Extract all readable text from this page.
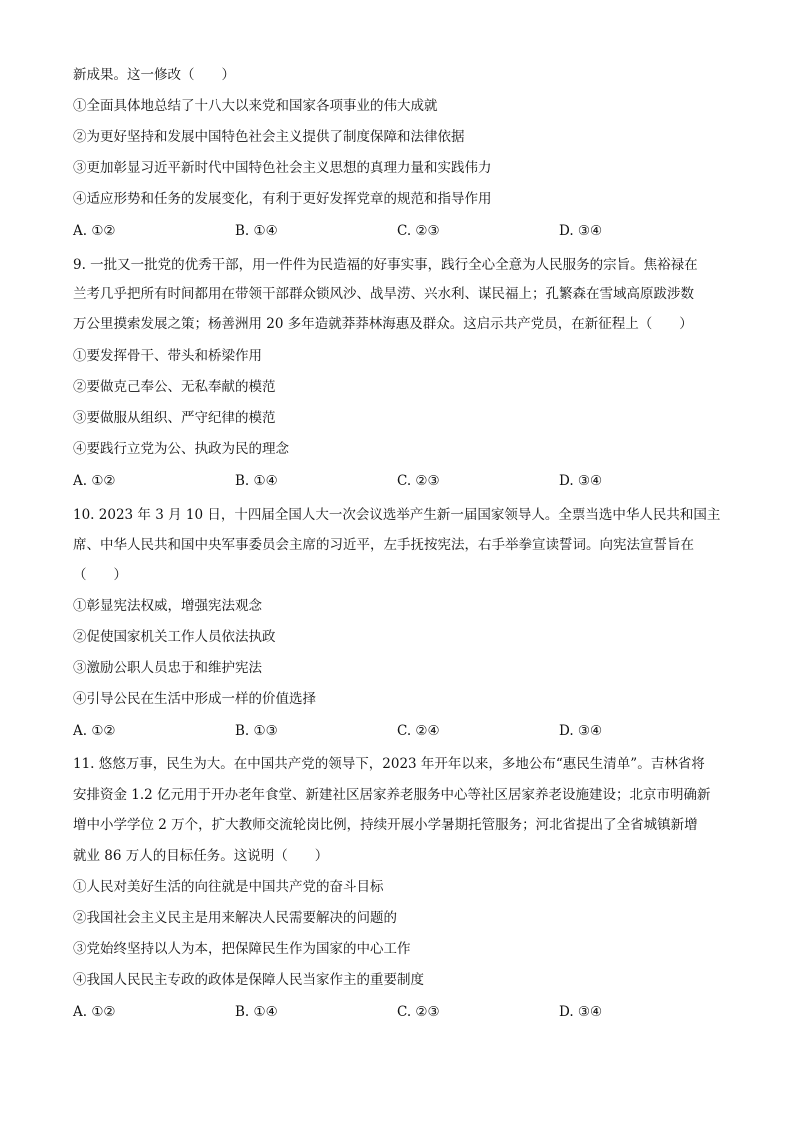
新成果。这一修改（　　）
①全面具体地总结了十八大以来党和国家各项事业的伟大成就
②为更好坚持和发展中国特色社会主义提供了制度保障和法律依据
③更加彰显习近平新时代中国特色社会主义思想的真理力量和实践伟力
④适应形势和任务的发展变化，有利于更好发挥党章的规范和指导作用
A. ①②	B. ①④	C. ②③	D. ③④
9. 一批又一批党的优秀干部，用一件件为民造福的好事实事，践行全心全意为人民服务的宗旨。焦裕禄在
兰考几乎把所有时间都用在带领干部群众锁风沙、战旱涝、兴水利、谋民福上；孔繁森在雪域高原跋涉数
万公里摸索发展之策；杨善洲用 20 多年造就莽莽林海惠及群众。这启示共产党员，在新征程上（　　）
①要发挥骨干、带头和桥梁作用
②要做克己奉公、无私奉献的模范
③要做服从组织、严守纪律的模范
④要践行立党为公、执政为民的理念
A. ①②	B. ①④	C. ②③	D. ③④
10. 2023 年 3 月 10 日，十四届全国人大一次会议选举产生新一届国家领导人。全票当选中华人民共和国主
席、中华人民共和国中央军事委员会主席的习近平，左手抚按宪法，右手举拳宣读誓词。向宪法宣誓旨在
（　　）
①彰显宪法权威，增强宪法观念
②促使国家机关工作人员依法执政
③激励公职人员忠于和维护宪法
④引导公民在生活中形成一样的价值选择
A. ①②	B. ①③	C. ②④	D. ③④
11. 悠悠万事，民生为大。在中国共产党的领导下，2023 年开年以来，多地公布“惠民生清单”。吉林省将
安排资金 1.2 亿元用于开办老年食堂、新建社区居家养老服务中心等社区居家养老设施建设；北京市明确新
增中小学学位 2 万个，扩大教师交流轮岗比例，持续开展小学暑期托管服务；河北省提出了全省城镇新增
就业 86 万人的目标任务。这说明（　　）
①人民对美好生活的向往就是中国共产党的奋斗目标
②我国社会主义民主是用来解决人民需要解决的问题的
③党始终坚持以人为本，把保障民生作为国家的中心工作
④我国人民民主专政的政体是保障人民当家作主的重要制度
A. ①②	B. ①④	C. ②③	D. ③④
